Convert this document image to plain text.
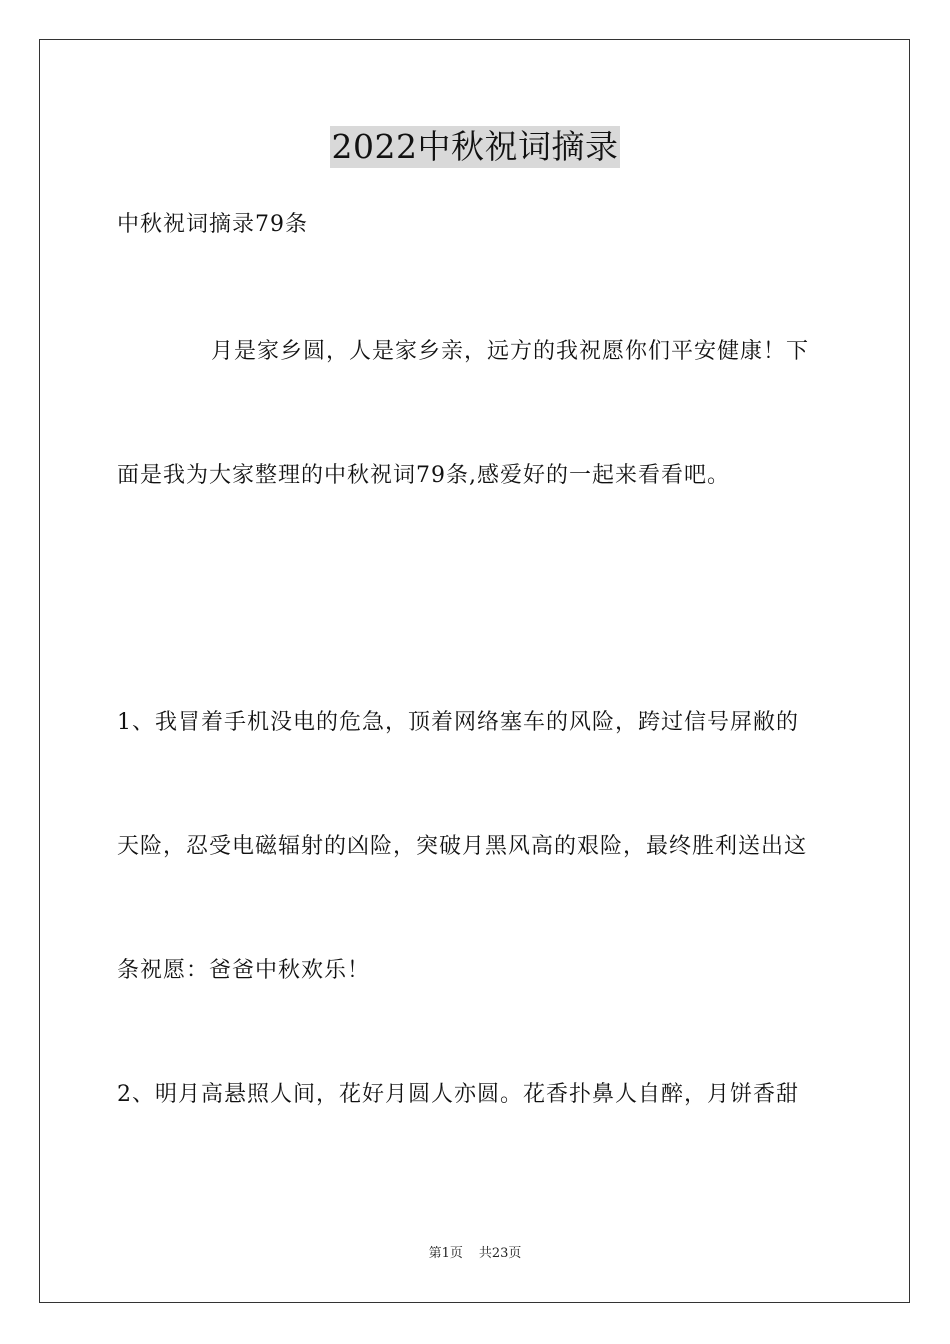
2022中秋祝词摘录
中秋祝词摘录79条
月是家乡圆，人是家乡亲，远方的我祝愿你们平安健康！下
面是我为大家整理的中秋祝词79条,感爱好的一起来看看吧。
1、我冒着手机没电的危急，顶着网络塞车的风险，跨过信号屏敝的
天险，忍受电磁辐射的凶险，突破月黑风高的艰险，最终胜利送出这
条祝愿：爸爸中秋欢乐！
2、明月高悬照人间，花好月圆人亦圆。花香扑鼻人自醉，月饼香甜
第1页 共23页
